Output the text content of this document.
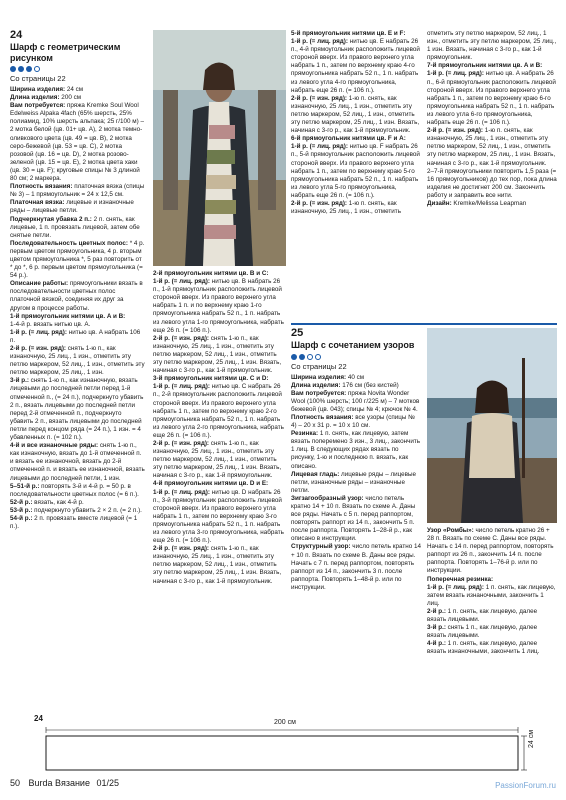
24
Шарф с геометрическим рисунком
Со страницы 22

Ширина изделия: 24 см

Длина изделия: 200 см

Вам потребуется: пряжа Kremke Soul Wool Edelweiss Alpaka 4fach (65% шерсть, 25% полиамид, 10% шерсть альпака; 25 г/100 м) – 2 мотка белой (цв. 01+ цв. A), 2 мотка темно-оливкового цвета (цв. 49 = цв. B), 2 мотка серо-бежевой (цв. 53 = цв. C), 2 мотка розовой (цв. 16 = цв. D), 2 мотка розово-зеленой (цв. 15 = цв. E), 2 мотка цвета хаки (цв. 30 = цв. F); круговые спицы № 3 длиной 80 см; 2 маркера.

Плотность вязания: платочная вязка (спицы № 3) – 1 прямоугольник = 24 x 12,5 см.

Платочная вязка: лицевые и изнаночные ряды – лицевые петли.

Подчеркнутая убавка 2 п.: 2 п. снять, как лицевые, 1 п. провязать лицевой, затем обе снятые петли.

Последовательность цветных полос: * 4 р. первым цветом прямоугольника, 4 р. вторым цветом прямоугольника *, 5 раз повторить от * до *, 6 р. первым цветом прямоугольника (= 54 р.).

Описание работы: прямоугольники вязать в последовательности цветных полос платочной вязкой, соединяя их друг за другом в процессе работы.

1-й прямоугольник нитями цв. A и B:

1-4-й р. вязать нитью цв. A.

1-й р. (= лиц. ряд): нитью цв. A набрать 106 п.

2-й р. (= изн. ряд): снять 1-ю п., как изнаночную, 25 лиц., 1 изн., отметить эту петлю маркером, 52 лиц., 1 изн., отметить эту петлю маркером, 25 лиц., 1 изн.

3-й р.: снять 1-ю п., как изнаночную, вязать лицевыми до последней петли перед 1-й отмеченной п., (= 24 п.), подчеркнуто убавить 2 п., вязать лицевыми до последней петли перед 2-й отмеченной п., подчеркнуто убавить 2 п., вязать лицевыми до последней петли перед концом ряда (= 24 п.), 1 изн. = 4 убавленных п. (= 102 п.).

4-й и все изнаночные ряды: снять 1-ю п., как изнаночную, вязать до 1-й отмеченной п. и вязать ее изнаночной, вязать до 2-й отмеченной п. и вязать ее изнаночной, вязать лицевыми до последней петли, 1 изн.

5–51-й р.: повторять 3-й и 4-й р. = 50 р. в последовательности цветных полос (= 6 п.).

52-й р.: вязать, как 4-й р.

53-й р.: подчеркнуто убавить 2 × 2 п. (= 2 п.).

54-й р.: 2 п. провязать вместе лицевой (= 1 п.).

2-й прямоугольник нитями цв. B и C:

1-й р. (= лиц. ряд): нитью цв. B набрать 26 п., 1-й прямоугольник расположить лицевой стороной вверх. Из правого верхнего угла набрать 1 п. и по верхнему краю 1-го прямоугольника набрать 52 п., 1 п. набрать из левого угла 1-го прямоугольника, набрать еще 26 п. (= 106 п.).

2-й р. (= изн. ряд): снять 1-ю п., как изнаночную, 25 лиц., 1 изн., отметить эту петлю маркером, 52 лиц., 1 изн., отметить эту петлю маркером, 25 лиц., 1 изн. Вязать, начиная с 3-го р., как 1-й прямоугольник.

3-й прямоугольник нитями цв. C и D:

1-й р. (= лиц. ряд): нитью цв. C набрать 26 п., 2-й прямоугольник расположить лицевой стороной вверх. Из правого верхнего угла набрать 1 п., затем по верхнему краю 2-го прямоугольника набрать 52 п., 1 п. набрать из левого угла 2-го прямоугольника, набрать еще 26 п. (= 106 п.).

2-й р. (= изн. ряд): снять 1-ю п., как изнаночную, 25 лиц., 1 изн., отметить эту петлю маркером, 52 лиц., 1 изн., отметить эту петлю маркером, 25 лиц., 1 изн. Вязать, начиная с 3-го р., как 1-й прямоугольник.

4-й прямоугольник нитями цв. D и E:

1-й р. (= лиц. ряд): нитью цв. D набрать 26 п., 3-й прямоугольник расположить лицевой стороной вверх. Из правого верхнего угла набрать 1 п., затем по верхнему краю 3-го прямоугольника набрать 52 п., 1 п. набрать из левого угла 3-го прямоугольника, набрать еще 26 п. (= 106 п.).

2-й р. (= изн. ряд): снять 1-ю п., как изнаночную, 25 лиц., 1 изн., отметить эту петлю маркером, 52 лиц., 1 изн., отметить эту петлю маркером, 25 лиц., 1 изн. Вязать, начиная с 3-го р., как 1-й прямоугольник.

5-й прямоугольник нитями цв. E и F:

1-й р. (= лиц. ряд): нитью цв. E набрать 26 п., 4-й прямоугольник расположить лицевой стороной вверх. Из правого верхнего угла набрать 1 п., затем по верхнему краю 4-го прямоугольника набрать 52 п., 1 п. набрать из левого угла 4-го прямоугольника, набрать еще 26 п. (= 106 п.).

2-й р. (= изн. ряд): 1-ю п. снять, как изнаночную, 25 лиц., 1 изн., отметить эту петлю маркером, 52 лиц., 1 изн., отметить эту петлю маркером, 25 лиц., 1 изн. Вязать, начиная с 3-го р., как 1-й прямоугольник.

6-й прямоугольник нитями цв. F и A:

1-й р. (= лиц. ряд): нитью цв. F набрать 26 п., 5-й прямоугольник расположить лицевой стороной вверх. Из правого верхнего угла набрать 1 п., затем по верхнему краю 5-го прямоугольника набрать 52 п., 1 п. набрать из левого угла 5-го прямоугольника, набрать еще 26 п. (= 106 п.).

2-й р. (= изн. ряд): 1-ю п. снять, как изнаночную, 25 лиц., 1 изн., отметить

отметить эту петлю маркером, 52 лиц., 1 изн., отметить эту петлю маркером, 25 лиц., 1 изн. Вязать, начиная с 3-го р., как 1-й прямоугольник.

7-й прямоугольник нитями цв. A и B:

1-й р. (= лиц. ряд): нитью цв. A набрать 26 п., 6-й прямоугольник расположить лицевой стороной вверх. Из правого верхнего угла набрать 1 п., затем по верхнему краю 6-го прямоугольника набрать 52 п., 1 п. набрать из левого угла 6-го прямоугольника, набрать еще 26 п. (= 106 п.).

2-й р. (= изн. ряд): 1-ю п. снять, как изнаночную, 25 лиц., 1 изн., отметить эту петлю маркером, 52 лиц., 1 изн., отметить эту петлю маркером, 25 лиц., 1 изн. Вязать, начиная с 3-го р., как 1-й прямоугольник.

2–7-й прямоугольники повторить 1,5 раза (= 16 прямоугольников) до тех пор, пока длина изделия не достигнет 200 см. Закончить работу и заправить все нити.

Дизайн: Kremke/Melissa Leapman

25
Шарф с сочетанием узоров
Со страницы 22

Ширина изделия: 40 см

Длина изделия: 176 см (без кистей)

Вам потребуется: пряжа Novita Wonder Wool (100% шерсть; 100 г/225 м) – 7 мотков бежевой (цв. 043); спицы № 4; крючок № 4.

Плотность вязания: все узоры (спицы № 4) – 20 x 31 р. = 10 x 10 см.

Резинка: 1 п. снять, как лицевую, затем вязать поперемено 3 изн., 3 лиц., закончить 1 лиц. В следующих рядах вязать по рисунку, 1-ю и последнюю п. вязать, как описано.

Лицевая гладь: лицевые ряды – лицевые петли, изнаночные ряды – изнаночные петли.

Зигзагообразный узор: число петель кратно 14 + 10 п. Вязать по схеме A. Даны все ряды. Начать с 5 п. перед раппортом, повторять раппорт из 14 п., закончить 5 п. после раппорта. Повторять 1–28-й р., как описано в инструкции.

Структурный узор: число петель кратно 14 + 10 п. Вязать по схеме B. Даны все ряды. Начать с 7 п. перед раппортом, повторять раппорт из 14 п., закончить 3 п. после раппорта. Повторять 1–48-й р. или по инструкции.

Узор «Ромбы»: число петель кратно 26 + 28 п. Вязать по схеме C. Даны все ряды. Начать с 14 п. перед раппортом, повторять раппорт из 26 п., закончить 14 п. после раппорта. Повторять 1–76-й р. или по инструкции.

Поперечная резинка:

1-й р. (= лиц. ряд): 1 п. снять, как лицевую, затем вязать изнаночными, закончить 1 лиц.

2-й р.: 1 п. снять, как лицевую, далее вязать лицевыми.

3-й р.: снять 1 п., как лицевую, далее вязать лицевыми.

4-й р.: 1 п. снять, как лицевую, далее вязать изнаночными, закончить 1 лиц.

24	200 см
24 см
50 Burda Вязание 01/25	PassionForum.ru
